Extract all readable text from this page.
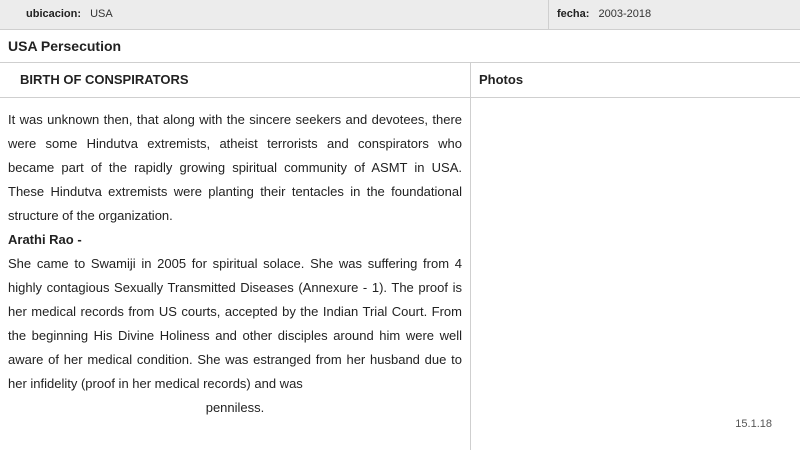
ubicacion: USA	fecha: 2003-2018
USA Persecution
BIRTH OF CONSPIRATORS	Photos

It was unknown then, that along with the sincere seekers and devotees, there were some Hindutva extremists, atheist terrorists and conspirators who became part of the rapidly growing spiritual community of ASMT in USA. These Hindutva extremists were planting their tentacles in the foundational structure of the organization.

Arathi Rao -

She came to Swamiji in 2005 for spiritual solace. She was suffering from 4 highly contagious Sexually Transmitted Diseases (Annexure - 1). The proof is her medical records from US courts, accepted by the Indian Trial Court. From the beginning His Divine Holiness and other disciples around him were well aware of her medical condition. She was estranged from her husband due to her infidelity (proof in her medical records) and was

penniless.

15.1.18
